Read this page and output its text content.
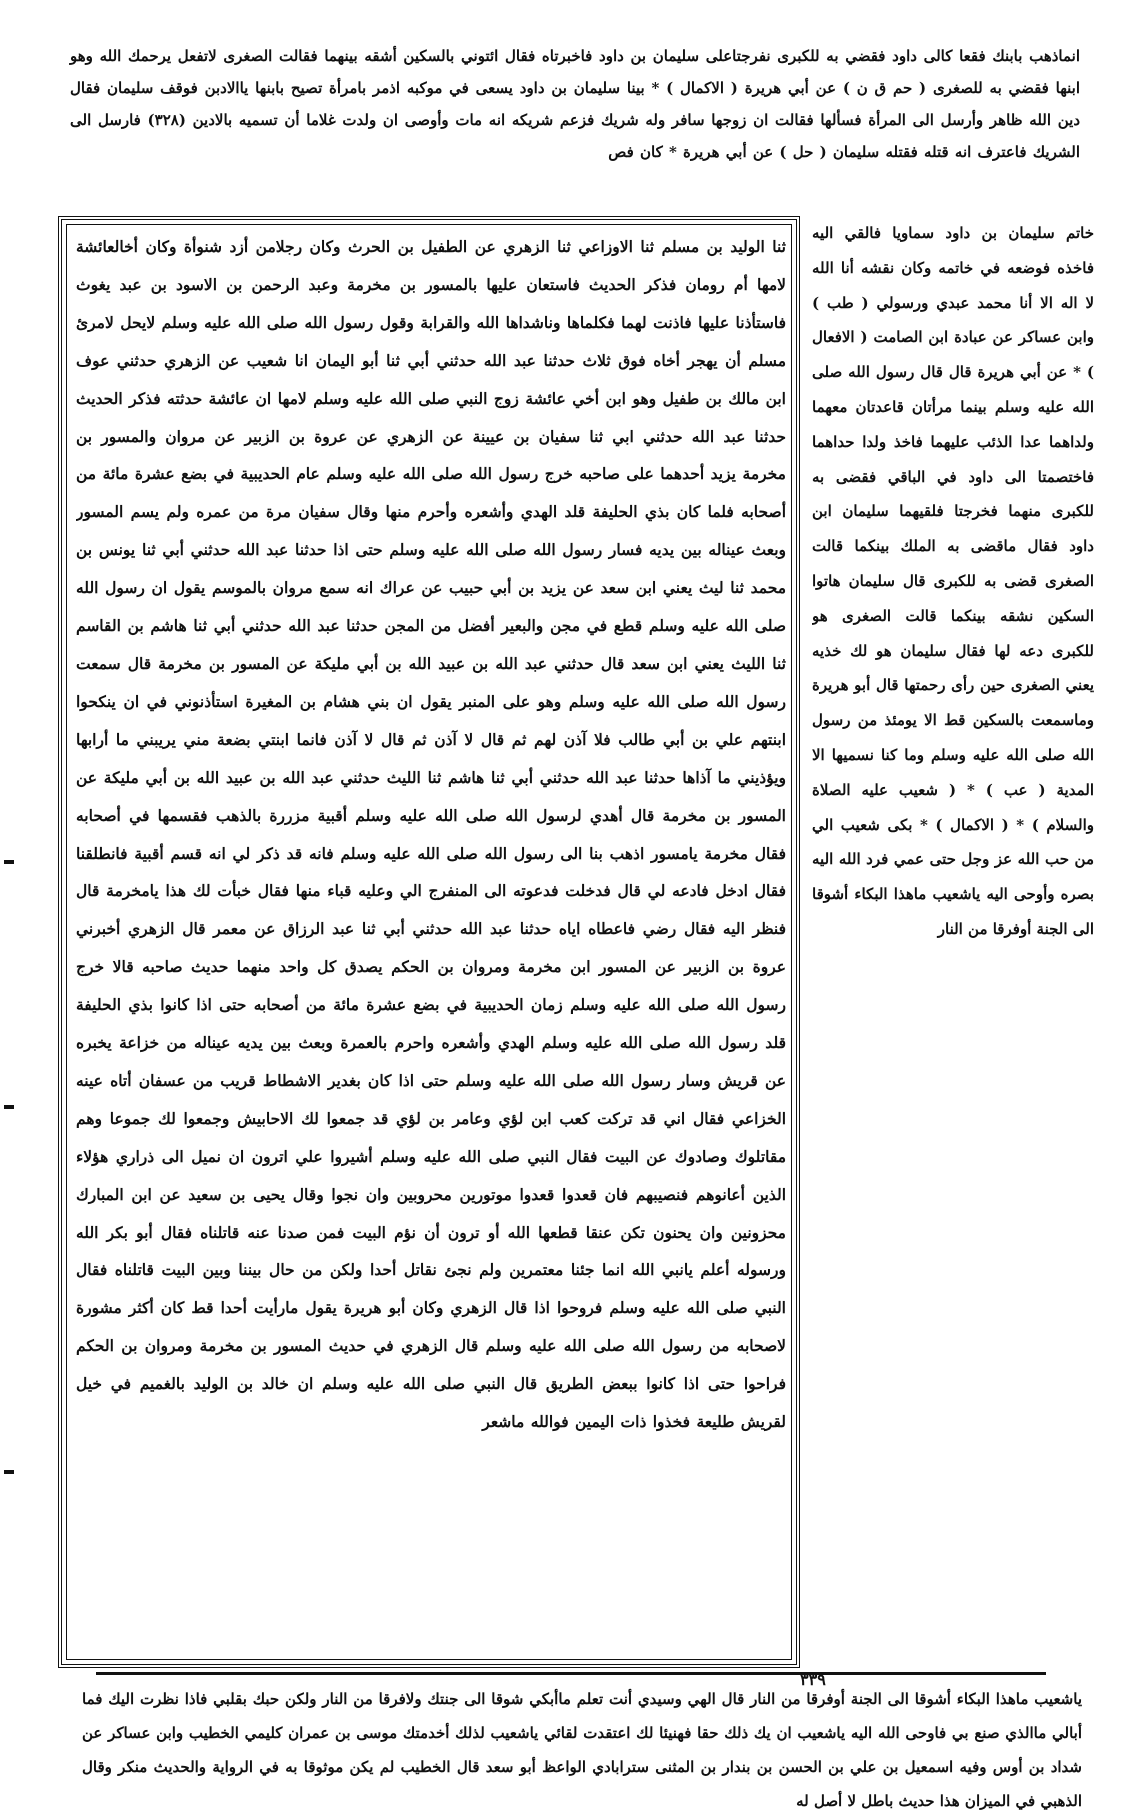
انماذهب بابنك فقعا كالى داود فقضي به للكبرى نفرجتاعلى سليمان بن داود فاخبرتاه فقال ائتوني بالسكين أشقه بينهما فقالت الصغرى لاتفعل يرحمك الله وهو ابنها فقضي به للصغرى ( حم ق ن ) عن أبي هريرة ( الاكمال ) * بينا سليمان بن داود يسعى في موكبه اذمر بامرأة تصيح بابنها ياالادبن فوقف سليمان فقال دين الله ظاهر وأرسل الى المرأة فسألها فقالت ان زوجها سافر وله شريك فزعم شريكه انه مات وأوصى ان ولدت غلاما أن تسميه بالادين (٣٢٨) فارسل الى الشريك فاعترف انه قتله فقتله سليمان ( حل ) عن أبي هريرة * كان فص
ثنا الوليد بن مسلم ثنا الاوزاعي ثنا الزهري عن الطفيل بن الحرث وكان رجلامن أزد شنوأة وكان أخالعائشة لامها أم رومان فذكر الحديث فاستعان عليها بالمسور بن مخرمة وعبد الرحمن بن الاسود بن عبد يغوث فاستأذنا عليها فاذنت لهما فكلماها وناشداها الله والقرابة وقول رسول الله صلى الله عليه وسلم لايحل لامرئ مسلم أن يهجر أخاه فوق ثلاث حدثنا عبد الله حدثني أبي ثنا أبو اليمان انا شعيب عن الزهري حدثني عوف ابن مالك بن طفيل وهو ابن أخي عائشة زوج النبي صلى الله عليه وسلم لامها ان عائشة حدثته فذكر الحديث حدثنا عبد الله حدثني ابي ثنا سفيان بن عيينة عن الزهري عن عروة بن الزبير عن مروان والمسور بن مخرمة يزيد أحدهما على صاحبه خرج رسول الله صلى الله عليه وسلم عام الحديبية في بضع عشرة مائة من أصحابه فلما كان بذي الحليفة قلد الهدي وأشعره وأحرم منها وقال سفيان مرة من عمره ولم يسم المسور وبعث عيناله بين يديه فسار رسول الله صلى الله عليه وسلم حتى اذا حدثنا عبد الله حدثني أبي ثنا يونس بن محمد ثنا ليث يعني ابن سعد عن يزيد بن أبي حبيب عن عراك انه سمع مروان بالموسم يقول ان رسول الله صلى الله عليه وسلم قطع في مجن والبعير أفضل من المجن حدثنا عبد الله حدثني أبي ثنا هاشم بن القاسم ثنا الليث يعني ابن سعد قال حدثني عبد الله بن عبيد الله بن أبي مليكة عن المسور بن مخرمة قال سمعت رسول الله صلى الله عليه وسلم وهو على المنبر يقول ان بني هشام بن المغيرة استأذنوني في ان ينكحوا ابنتهم علي بن أبي طالب فلا آذن لهم ثم قال لا آذن ثم قال لا آذن فانما ابنتي بضعة مني يريبني ما أرابها ويؤذيني ما آذاها حدثنا عبد الله حدثني أبي ثنا هاشم ثنا الليث حدثني عبد الله بن عبيد الله بن أبي مليكة عن المسور بن مخرمة قال أهدي لرسول الله صلى الله عليه وسلم أقبية مزررة بالذهب فقسمها في أصحابه فقال مخرمة يامسور اذهب بنا الى رسول الله صلى الله عليه وسلم فانه قد ذكر لي انه قسم أقبية فانطلقنا فقال ادخل فادعه لي قال فدخلت فدعوته الى المنفرج الي وعليه قباء منها فقال خبأت لك هذا يامخرمة قال فنظر اليه فقال رضي فاعطاه اياه حدثنا عبد الله حدثني أبي ثنا عبد الرزاق عن معمر قال الزهري أخبرني عروة بن الزبير عن المسور ابن مخرمة ومروان بن الحكم يصدق كل واحد منهما حديث صاحبه قالا خرج رسول الله صلى الله عليه وسلم زمان الحديبية في بضع عشرة مائة من أصحابه حتى اذا كانوا بذي الحليفة قلد رسول الله صلى الله عليه وسلم الهدي وأشعره واحرم بالعمرة وبعث بين يديه عيناله من خزاعة يخبره عن قريش وسار رسول الله صلى الله عليه وسلم حتى اذا كان بغدير الاشطاط قريب من عسفان أتاه عينه الخزاعي فقال اني قد تركت كعب ابن لؤي وعامر بن لؤي قد جمعوا لك الاحابيش وجمعوا لك جموعا وهم مقاتلوك وصادوك عن البيت فقال النبي صلى الله عليه وسلم أشيروا علي اترون ان نميل الى ذراري هؤلاء الذين أعانوهم فنصيبهم فان قعدوا قعدوا موتورين محروبين وان نجوا وقال يحيى بن سعيد عن ابن المبارك محزونين وان يحنون تكن عنقا قطعها الله أو ترون أن نؤم البيت فمن صدنا عنه قاتلناه فقال أبو بكر الله ورسوله أعلم يانبي الله انما جئنا معتمرين ولم نجئ نقاتل أحدا ولكن من حال بيننا وبين البيت قاتلناه فقال النبي صلى الله عليه وسلم فروحوا اذا قال الزهري وكان أبو هريرة يقول مارأيت أحدا قط كان أكثر مشورة لاصحابه من رسول الله صلى الله عليه وسلم قال الزهري في حديث المسور بن مخرمة ومروان بن الحكم فراحوا حتى اذا كانوا ببعض الطريق قال النبي صلى الله عليه وسلم ان خالد بن الوليد بالغميم في خيل لقريش طليعة فخذوا ذات اليمين فوالله ماشعر
خاتم سليمان بن داود سماويا فالقي اليه فاخذه فوضعه في خاتمه وكان نقشه أنا الله لا اله الا أنا محمد عبدي ورسولي ( طب ) وابن عساكر عن عبادة ابن الصامت ( الافعال ) * عن أبي هريرة قال قال رسول الله صلى الله عليه وسلم بينما مرأتان قاعدتان معهما ولداهما عدا الذئب عليهما فاخذ ولدا حداهما فاختصمتا الى داود في الباقي فقضى به للكبرى منهما فخرجتا فلقيهما سليمان ابن داود فقال ماقضى به الملك بينكما قالت الصغرى قضى به للكبرى قال سليمان هاتوا السكين نشقه بينكما قالت الصغرى هو للكبرى دعه لها فقال سليمان هو لك خذيه يعني الصغرى حين رأى رحمتها قال أبو هريرة وماسمعت بالسكين قط الا يومئذ من رسول الله صلى الله عليه وسلم وما كنا نسميها الا المدية ( عب ) * ( شعيب عليه الصلاة والسلام ) * ( الاكمال ) * بكى شعيب الي من حب الله عز وجل حتى عمي فرد الله اليه بصره وأوحى اليه ياشعيب ماهذا البكاء أشوقا الى الجنة أوفرقا من النار
٣٣٩
ياشعيب ماهذا البكاء أشوقا الى الجنة أوفرقا من النار قال الهي وسيدي أنت تعلم ماأبكي شوقا الى جنتك ولافرقا من النار ولكن حبك بقلبي فاذا نظرت اليك فما أبالي ماالذي صنع بي فاوحى الله اليه ياشعيب ان يك ذلك حقا فهنيئا لك اعتقدت لقائي ياشعيب لذلك أخدمتك موسى بن عمران كليمي الخطيب وابن عساكر عن شداد بن أوس وفيه اسمعيل بن علي بن الحسن بن بندار بن المثنى سترابادي الواعظ أبو سعد قال الخطيب لم يكن موثوقا به في الرواية والحديث منكر وقال الذهبي في الميزان هذا حديث باطل لا أصل له
